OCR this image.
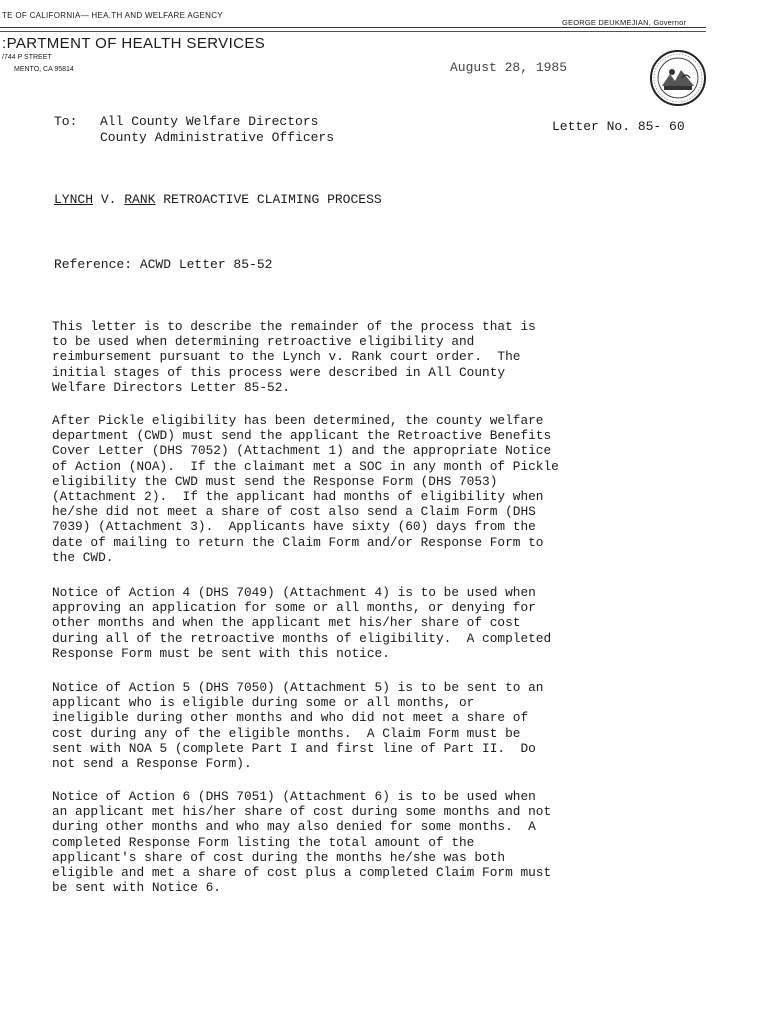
TE OF CALIFORNIA— HEA.TH AND WELFARE AGENCY
GEORGE DEUKMEJIAN, Governor
:PARTMENT OF HEALTH SERVICES
/744 P STREET
MENTO, CA 95814	August 28, 1985
To: All County Welfare Directors
County Administrative Officers
Letter No. 85- 60
LYNCH V. RANK RETROACTIVE CLAIMING PROCESS
Reference: ACWD Letter 85-52
This letter is to describe the remainder of the process that is
to be used when determining retroactive eligibility and
reimbursement pursuant to the Lynch v. Rank court order.  The
initial stages of this process were described in All County
Welfare Directors Letter 85-52.
After Pickle eligibility has been determined, the county welfare
department (CWD) must send the applicant the Retroactive Benefits
Cover Letter (DHS 7052) (Attachment 1) and the appropriate Notice
of Action (NOA).  If the claimant met a SOC in any month of Pickle
eligibility the CWD must send the Response Form (DHS 7053)
(Attachment 2).  If the applicant had months of eligibility when
he/she did not meet a share of cost also send a Claim Form (DHS
7039) (Attachment 3).  Applicants have sixty (60) days from the
date of mailing to return the Claim Form and/or Response Form to
the CWD.
Notice of Action 4 (DHS 7049) (Attachment 4) is to be used when
approving an application for some or all months, or denying for
other months and when the applicant met his/her share of cost
during all of the retroactive months of eligibility.  A completed
Response Form must be sent with this notice.
Notice of Action 5 (DHS 7050) (Attachment 5) is to be sent to an
applicant who is eligible during some or all months, or
ineligible during other months and who did not meet a share of
cost during any of the eligible months.  A Claim Form must be
sent with NOA 5 (complete Part I and first line of Part II.  Do
not send a Response Form).
Notice of Action 6 (DHS 7051) (Attachment 6) is to be used when
an applicant met his/her share of cost during some months and not
during other months and who may also denied for some months.  A
completed Response Form listing the total amount of the
applicant's share of cost during the months he/she was both
eligible and met a share of cost plus a completed Claim Form must
be sent with Notice 6.
